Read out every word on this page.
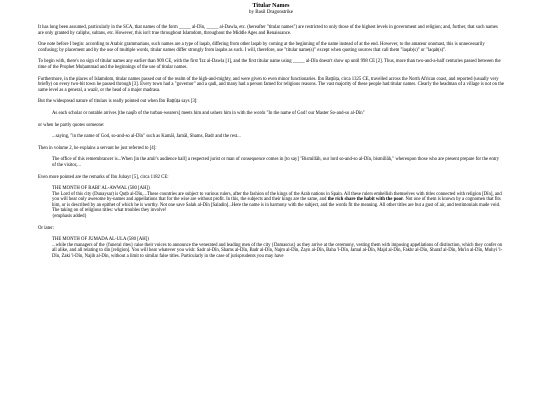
Titular Names
by Basil Dragonstrike

It has long been assumed, particularly in the SCA, that names of the form _____ al-Dīn, _____ al-Dawla, etc. (hereafter "titular names") are restricted to only those of the highest levels in government and religion; and, further, that such names are only granted by caliphs, sultans, etc. However, this isn't true throughout Islamdom, throughout the Middle Ages and Renaissance.

One note before I begin: according to Arabic grammarians, such names are a type of laqab, differing from other laqab by coming at the beginning of the name instead of at the end. However, to the amateur onomast, this is unnecessarily confusing; by placement and by the use of multiple words, titular names differ strongly from laqabs as such. I will, therefore, use "titular name(s)" except when quoting sources that call them "laqab(s)" or "laqab(s)".

To begin with, there's no sign of titular names any earlier than 909 CE, with the first 'Izz al-Dawla [1], and the first titular name using _____ al-Dīn doesn't show up until 998 CE [2]. Thus, more than two-and-a-half centuries passed between the time of the Prophet Muḥammad and the beginnings of the use of titular names.

Furthermore, in the places of Islamdom, titular names passed out of the realm of the high-and-mighty, and were given to even minor functionaries. Ibn Baṭṭūṭa, circa 1325 CE, travelled across the North African coast, and reported (usually very briefly) on every two-bit town he passed through [3]. Every town had a "governor" and a qadi, and many had a person famed for religious reasons. The vast majority of these people had titular names. Clearly the headman of a village is not on the same level as a general, a wazīr, or the head of a major madrasa.

But the widespread nature of titulars is really pointed out when Ibn Baṭṭūṭa says [3]:

As each scholar or notable arrives [the naqīb of the turban-wearers] meets him and ushers him in with the words "In the name of God! our Master So-and-so al-Dīn"

or when he partly quotes someone:

...saying, "in the name of God, so-and-so al-Dīn" such as Kamāl, Jamāl, Shams, Badr and the rest...

Then in volume 2, he explains a servant he just referred to [4]:

The office of this remembrancer is...When [in the amīr's audience hall] a respected jurist or man of consequence comes in [to say] "Bismillāh, our lord so-and-so al-Dīn, bismillāh," whereupon those who are present prepare for the entry of the visitor,...

Even more pointed are the remarks of Ibn Jubayr [5], circa 1182 CE:

THE MONTH OF RABI' AL-AWWAL (580 [AH])
The Lord of this city (Dunaysar) is Quṭb al-Dīn,...These countries are subject to various rulers, after the fashion of the kings of the Arab nations in Spain. All these rulers embellish themselves with titles connected with religion [Dīn], and you will hear only awesome by-names and appellations that for the wise are without profit. In this, the subjects and their kings are the same, and the rich share the habit with the poor. Not one of them is known by a cognomen that fits him, or is described by an epithet of which he is worthy. Not one save Salah al-Dīn [Saladin]...Here the name is in harmony with the subject, and the words fit the meaning. All other titles are but a gust of air, and testimonials made void. The taking on of religious titles: what troubles they involve!
{emphasis added}

Or later:

THE MONTH OF JUMADA AL-ULA (580 [AH])
...while the managers of the {funeral rites} raise their voices to announce the venerated and leading men of the city {Damascus} as they arrive at the ceremony, vesting them with imposing appellations of distinction, which they confer on all alike, and all relating to din [religion]. You will hear whatever you wish: Sadr al-Dīn, Shams al-Dīn, Badr al-Dīn, Najm al-Dīn, Zayn al-Dīn, Baha 'l-Dīn, Jamal al-Dīn, Majd al-Dīn, Fakhr al-Dīn, Sharaf al-Dīn, Mu'in al-Dīn, Muhyi 'l-Dīn, Zaki 'l-Dīn, Najib al-Dīn, without a limit to similar false titles. Particularly in the case of jurisprudents you may have
